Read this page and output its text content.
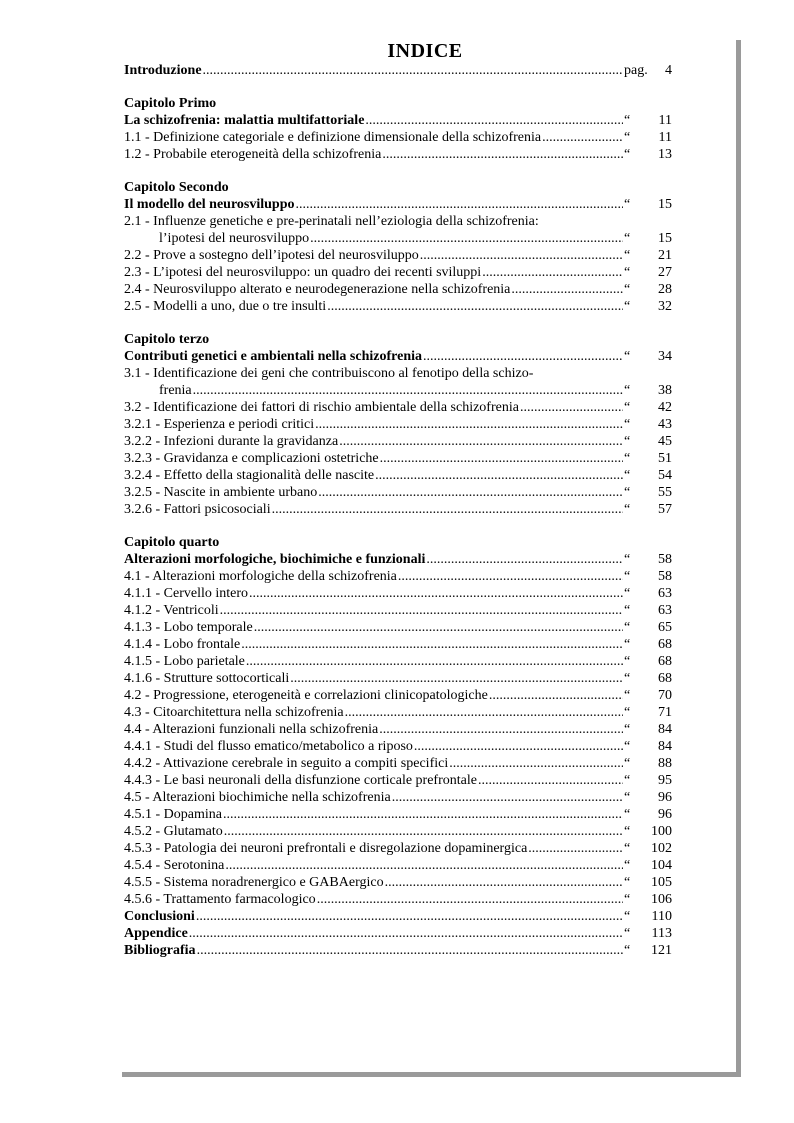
INDICE
Introduzione .....	pag.	4
Capitolo Primo
La schizofrenia: malattia multifattoriale .....	“	11
1.1 - Definizione categoriale e definizione dimensionale della schizofrenia .....	“	11
1.2 - Probabile eterogeneità della schizofrenia .....	“	13
Capitolo Secondo
Il modello del neurosviluppo .....	“	15
2.1 - Influenze genetiche e pre-perinatali nell’eziologia della schizofrenia:
l’ipotesi del neurosviluppo .....	“	15
2.2 - Prove a sostegno dell’ipotesi del neurosviluppo .....	“	21
2.3 - L’ipotesi del neurosviluppo: un quadro dei recenti sviluppi .....	“	27
2.4 - Neurosviluppo alterato e neurodegenerazione nella schizofrenia .....	“	28
2.5 - Modelli a uno, due o tre insulti .....	“	32
Capitolo terzo
Contributi genetici e ambientali nella schizofrenia .....	“	34
3.1 - Identificazione dei geni che contribuiscono al fenotipo della schizo-
frenia .....	“	38
3.2 - Identificazione dei fattori di rischio ambientale della schizofrenia .....	“	42
3.2.1 - Esperienza e periodi critici .....	“	43
3.2.2 - Infezioni durante la gravidanza .....	“	45
3.2.3 - Gravidanza e complicazioni ostetriche .....	“	51
3.2.4 - Effetto della stagionalità delle nascite .....	“	54
3.2.5 - Nascite in ambiente urbano .....	“	55
3.2.6 - Fattori psicosociali .....	“	57
Capitolo quarto
Alterazioni morfologiche, biochimiche e funzionali .....	“	58
4.1 - Alterazioni morfologiche della schizofrenia .....	“	58
4.1.1 - Cervello intero .....	“	63
4.1.2 - Ventricoli .....	“	63
4.1.3 - Lobo temporale .....	“	65
4.1.4 - Lobo frontale .....	“	68
4.1.5 - Lobo parietale .....	“	68
4.1.6 - Strutture sottocorticali .....	“	68
4.2 - Progressione, eterogeneità e correlazioni clinicopatologiche .....	“	70
4.3 - Citoarchitettura nella schizofrenia .....	“	71
4.4 - Alterazioni funzionali nella schizofrenia .....	“	84
4.4.1 - Studi del flusso ematico/metabolico a riposo .....	“	84
4.4.2 - Attivazione cerebrale in seguito a compiti specifici .....	“	88
4.4.3 - Le basi neuronali della disfunzione corticale prefrontale .....	“	95
4.5 - Alterazioni biochimiche nella schizofrenia .....	“	96
4.5.1 - Dopamina .....	“	96
4.5.2 - Glutamato .....	“	100
4.5.3 - Patologia dei neuroni prefrontali e disregolazione dopaminergica .....	“	102
4.5.4 - Serotonina .....	“	104
4.5.5 - Sistema noradrenergico e GABAergico .....	“	105
4.5.6 - Trattamento farmacologico .....	“	106
Conclusioni .....	“	110
Appendice .....	“	113
Bibliografia .....	“	121
